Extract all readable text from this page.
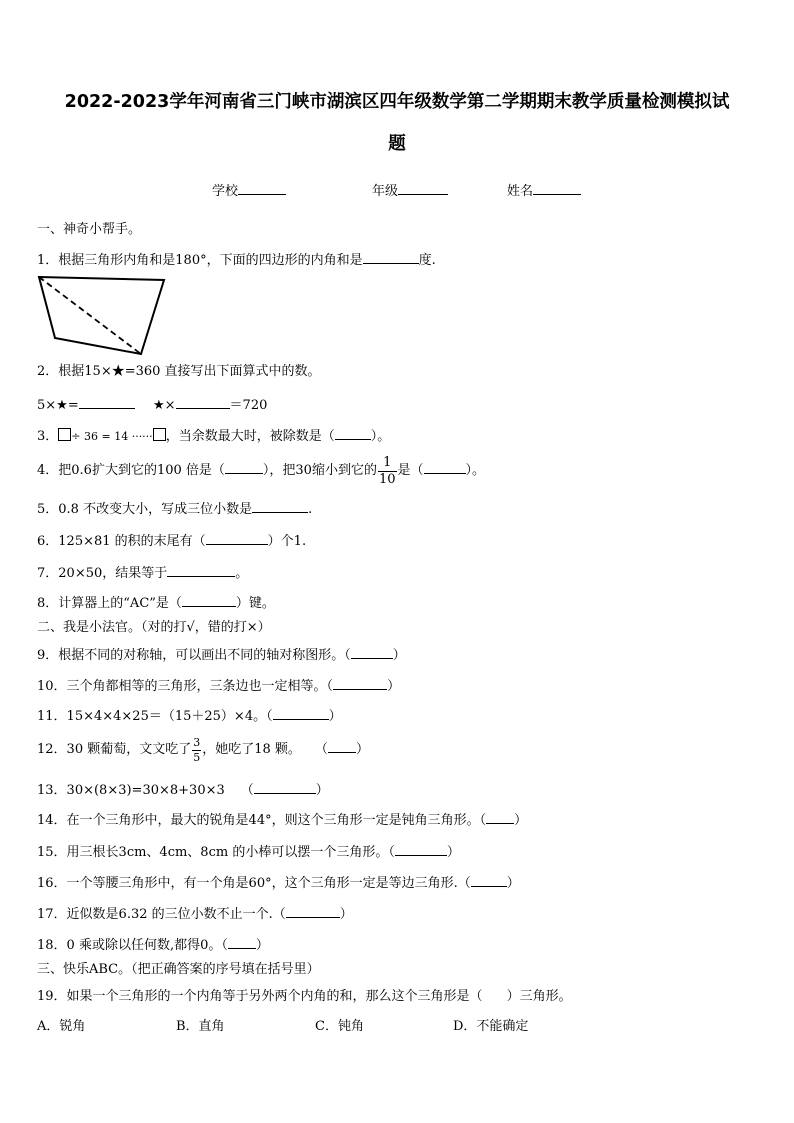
2022-2023学年河南省三门峡市湖滨区四年级数学第二学期期末教学质量检测模拟试
题
学校	年级	姓名
一、神奇小帮手。
1．根据三角形内角和是180°，下面的四边形的内角和是	度.
2．根据15×★=360 直接写出下面算式中的数。
5×★=	★×	＝720
3． ÷ 36 = 14 ······ ，当余数最大时，被除数是（	）。
4．把0.6扩大到它的100 倍是（	），把30缩小到它的 $\frac{1}{10}$ 是（	）。
5．0.8 不改变大小，写成三位小数是	.
6．125×81 的积的末尾有（	）个1.
7．20×50，结果等于	。
8．计算器上的“AC”是（	）键。
二、我是小法官。（对的打√，错的打×）
9．根据不同的对称轴，可以画出不同的轴对称图形。（	）
10．三个角都相等的三角形，三条边也一定相等。（	）
11．15×4×4×25＝（15＋25）×4。（	）
12．30 颗葡萄，文文吃了 $\frac{3}{5}$ ，她吃了18 颗。 （ ）
13．30×(8×3)=30×8+30×3 （	）
14．在一个三角形中，最大的锐角是44°，则这个三角形一定是钝角三角形。（ ）
15．用三根长3cm、4cm、8cm 的小棒可以摆一个三角形。（	）
16．一个等腰三角形中，有一个角是60°，这个三角形一定是等边三角形.（	）
17．近似数是6.32 的三位小数不止一个.（	）
18．0 乘或除以任何数,都得0。（ ）
三、快乐ABC。（把正确答案的序号填在括号里）
19．如果一个三角形的一个内角等于另外两个内角的和，那么这个三角形是（ ）三角形。
A．锐角	B．直角	C．钝角	D．不能确定
